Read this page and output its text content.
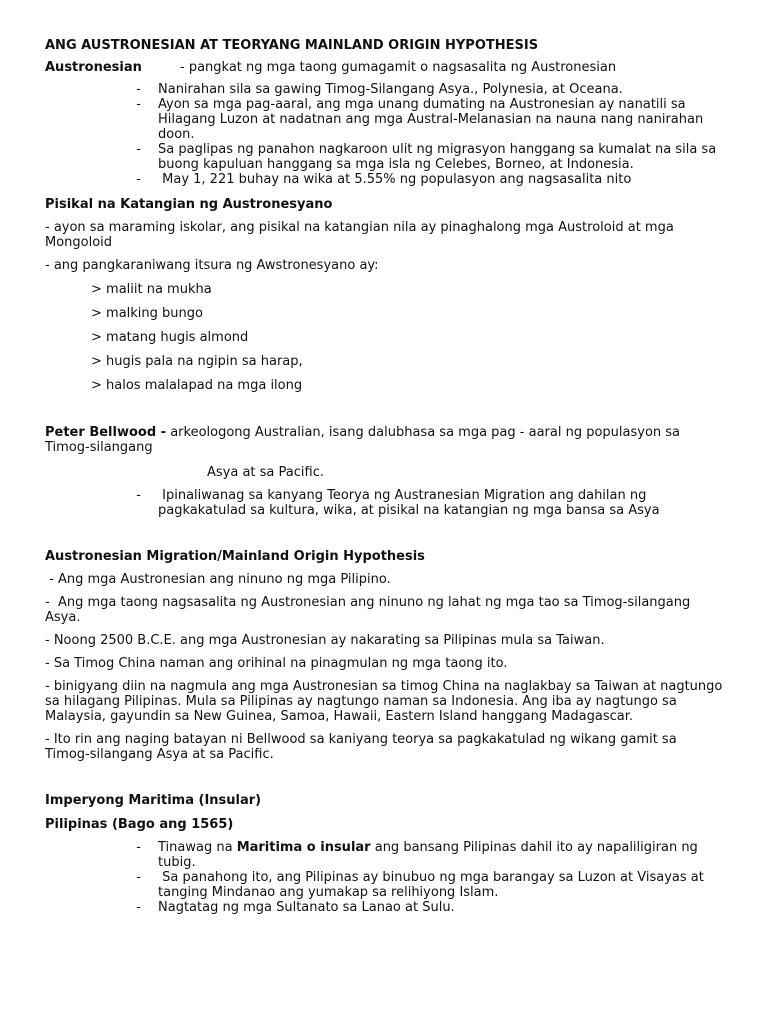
ANG AUSTRONESIAN AT TEORYANG MAINLAND ORIGIN HYPOTHESIS

Austronesian	- pangkat ng mga taong gumagamit o nagsasalita ng Austronesian
-	Nanirahan sila sa gawing Timog-Silangang Asya., Polynesia, at Oceana.
-	Ayon sa mga pag-aaral, ang mga unang dumating na Austronesian ay nanatili sa Hilagang Luzon at nadatnan ang mga Austral-Melanasian na nauna nang nanirahan doon.
-	Sa paglipas ng panahon nagkaroon ulit ng migrasyon hanggang sa kumalat na sila sa buong kapuluan hanggang sa mga isla ng Celebes, Borneo, at Indonesia.
-	May 1, 221 buhay na wika at 5.55% ng populasyon ang nagsasalita nito

Pisikal na Katangian ng Austronesyano

- ayon sa maraming iskolar, ang pisikal na katangian nila ay pinaghalong mga Austroloid at mga Mongoloid

- ang pangkaraniwang itsura ng Awstronesyano ay:

> maliit na mukha
> malking bungo
> matang hugis almond
> hugis pala na ngipin sa harap,
> halos malalapad na mga ilong

Peter Bellwood - arkeologong Australian, isang dalubhasa sa mga pag - aaral ng populasyon sa Timog-silangang

Asya at sa Pacific.

-	Ipinaliwanag sa kanyang Teorya ng Austranesian Migration ang dahilan ng pagkakatulad sa kultura, wika, at pisikal na katangian ng mga bansa sa Asya

Austronesian Migration/Mainland Origin Hypothesis

- Ang mga Austronesian ang ninuno ng mga Pilipino.

-  Ang mga taong nagsasalita ng Austronesian ang ninuno ng lahat ng mga tao sa Timog-silangang Asya.

- Noong 2500 B.C.E. ang mga Austronesian ay nakarating sa Pilipinas mula sa Taiwan.

- Sa Timog China naman ang orihinal na pinagmulan ng mga taong ito.

- binigyang diin na nagmula ang mga Austronesian sa timog China na naglakbay sa Taiwan at nagtungo sa hilagang Pilipinas. Mula sa Pilipinas ay nagtungo naman sa Indonesia. Ang iba ay nagtungo sa Malaysia, gayundin sa New Guinea, Samoa, Hawaii, Eastern Island hanggang Madagascar.

- Ito rin ang naging batayan ni Bellwood sa kaniyang teorya sa pagkakatulad ng wikang gamit sa Timog-silangang Asya at sa Pacific.

Imperyong Maritima (Insular)

Pilipinas (Bago ang 1565)

-	Tinawag na Maritima o insular ang bansang Pilipinas dahil ito ay napaliligiran ng tubig.
-	Sa panahong ito, ang Pilipinas ay binubuo ng mga barangay sa Luzon at Visayas at tanging Mindanao ang yumakap sa relihiyong Islam.
-	Nagtatag ng mga Sultanato sa Lanao at Sulu.
